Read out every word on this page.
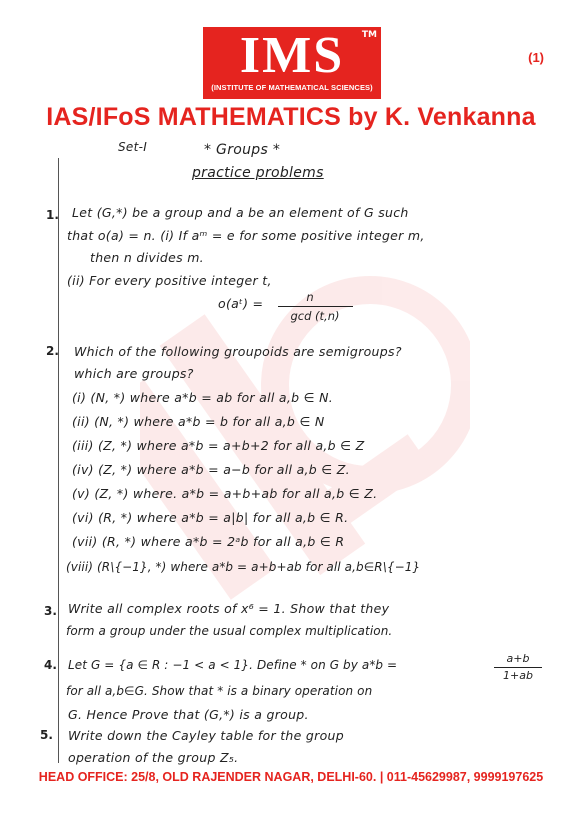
IMS	TM
(INSTITUTE OF MATHEMATICAL SCIENCES)
(1)
IAS/IFoS MATHEMATICS by K. Venkanna
Set-I	* Groups *
practice problems
1. Let (G,*) be a group and a be an element of G such
that o(a) = n. (i) If aᵐ = e for some positive integer m,
then n divides m.
(ii) For every positive integer t,
o(aᵗ) =	n
gcd (t,n)
2. Which of the following groupoids are semigroups?
which are groups?
(i) (N, *) where a*b = ab for all a,b ∈ N.
(ii) (N, *) where a*b = b for all a,b ∈ N
(iii) (Z, *) where a*b = a+b+2 for all a,b ∈ Z
(iv) (Z, *) where a*b = a−b for all a,b ∈ Z.
(v) (Z, *) where. a*b = a+b+ab for all a,b ∈ Z.
(vi) (R, *) where a*b = a|b| for all a,b ∈ R.
(vii) (R, *) where a*b = 2ᵃb for all a,b ∈ R
(viii) (R\{−1}, *) where a*b = a+b+ab for all a,b∈R\{−1}
3. Write all complex roots of x⁶ = 1. Show that they
form a group under the usual complex multiplication.
4. Let G = {a ∈ R : −1 < a < 1}. Define * on G by a*b =	a+b
1+ab
for all a,b∈G. Show that * is a binary operation on
G. Hence Prove that (G,*) is a group.
5. Write down the Cayley table for the group
operation of the group Z₅.
HEAD OFFICE: 25/8, OLD RAJENDER NAGAR, DELHI-60. | 011-45629987, 9999197625
